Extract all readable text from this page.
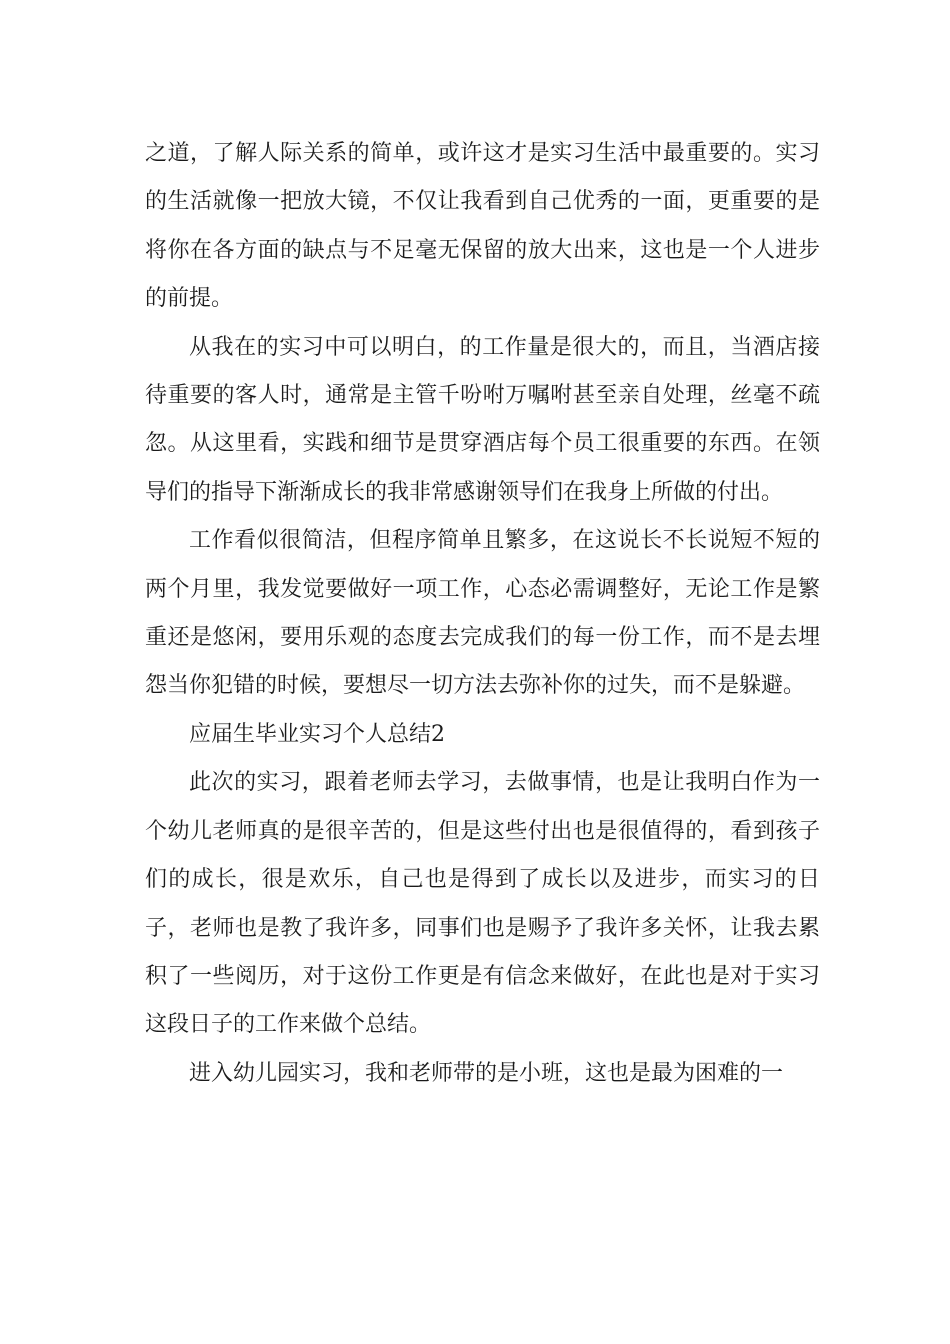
之道，了解人际关系的简单，或许这才是实习生活中最重要的。实习的生活就像一把放大镜，不仅让我看到自己优秀的一面，更重要的是将你在各方面的缺点与不足毫无保留的放大出来，这也是一个人进步的前提。

从我在的实习中可以明白，的工作量是很大的，而且，当酒店接待重要的客人时，通常是主管千吩咐万嘱咐甚至亲自处理，丝毫不疏忽。从这里看，实践和细节是贯穿酒店每个员工很重要的东西。在领导们的指导下渐渐成长的我非常感谢领导们在我身上所做的付出。

工作看似很简洁，但程序简单且繁多，在这说长不长说短不短的两个月里，我发觉要做好一项工作，心态必需调整好，无论工作是繁重还是悠闲，要用乐观的态度去完成我们的每一份工作，而不是去埋怨当你犯错的时候，要想尽一切方法去弥补你的过失，而不是躲避。

应届生毕业实习个人总结2

此次的实习，跟着老师去学习，去做事情，也是让我明白作为一个幼儿老师真的是很辛苦的，但是这些付出也是很值得的，看到孩子们的成长，很是欢乐，自己也是得到了成长以及进步，而实习的日子，老师也是教了我许多，同事们也是赐予了我许多关怀，让我去累积了一些阅历，对于这份工作更是有信念来做好，在此也是对于实习这段日子的工作来做个总结。

进入幼儿园实习，我和老师带的是小班，这也是最为困难的一
